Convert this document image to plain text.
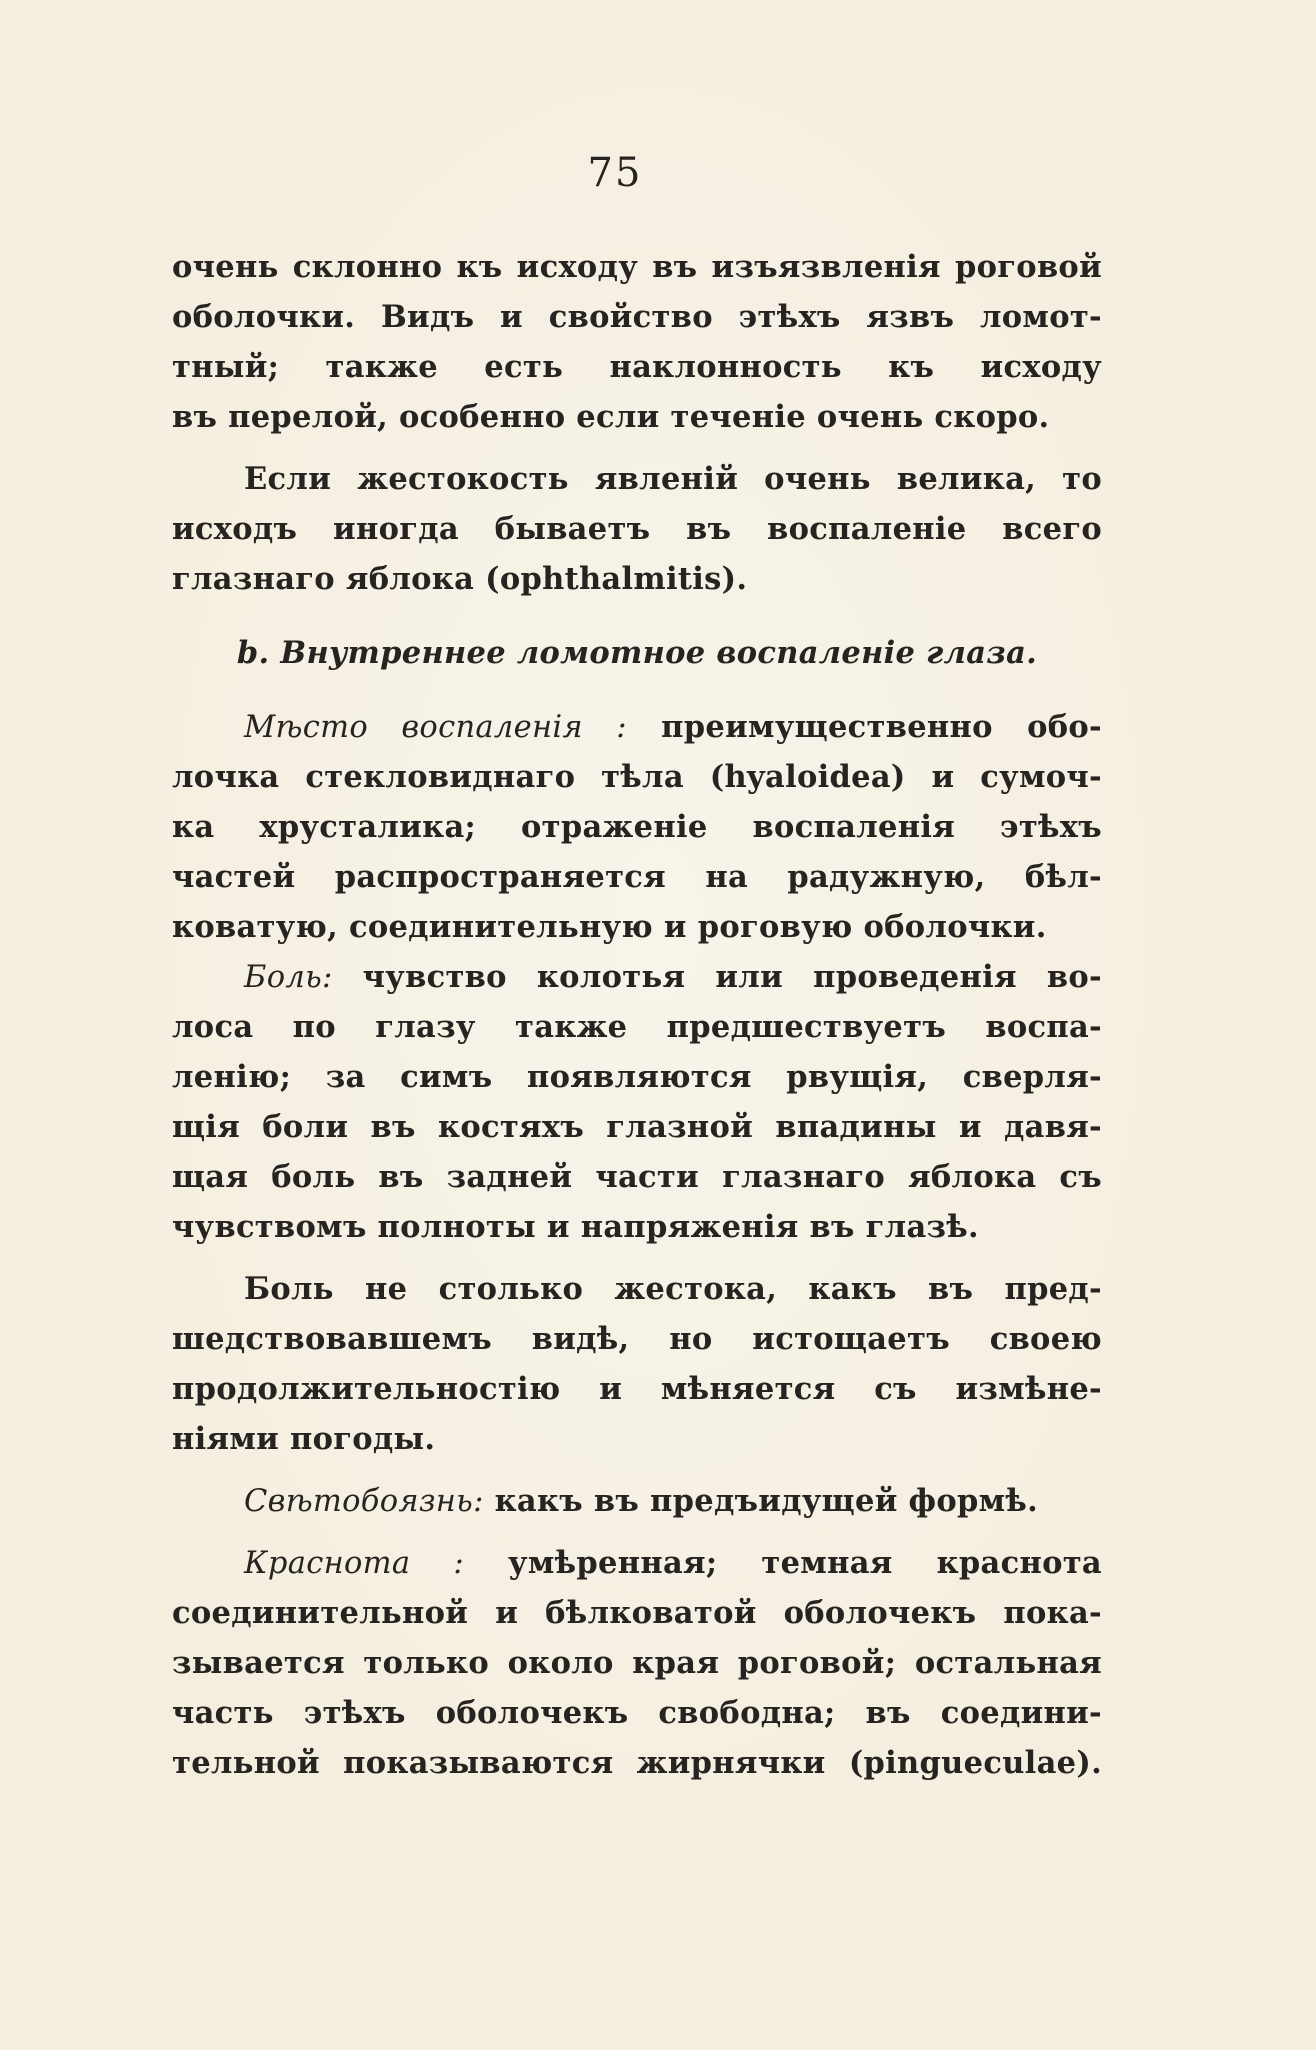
75
очень склонно къ исходу въ изъязвленія роговой
оболочки. Видъ и свойство этѣхъ язвъ ломот-
тный; также есть наклонность къ исходу
въ перелой, особенно если теченіе очень скоро.
Если жестокость явленій очень велика, то
исходъ иногда бываетъ въ воспаленіе всего
глазнаго яблока (ophthalmitis).
b. Внутреннее ломотное воспаленіе глаза.
Мѣсто воспаленія : преимущественно обо-
лочка стекловиднаго тѣла (hyaloidea) и сумоч-
ка хрусталика; отраженіе воспаленія этѣхъ
частей распространяется на радужную, бѣл-
коватую, соединительную и роговую оболочки.
Боль: чувство колотья или проведенія во-
лоса по глазу также предшествуетъ воспа-
ленію; за симъ появляются рвущія, сверля-
щія боли въ костяхъ глазной впадины и давя-
щая боль въ задней части глазнаго яблока съ
чувствомъ полноты и напряженія въ глазѣ.
Боль не столько жестока, какъ въ пред-
шедствовавшемъ видѣ, но истощаетъ своею
продолжительностію и мѣняется съ измѣне-
ніями погоды.
Свѣтобоязнь: какъ въ предъидущей формѣ.
Краснота : умѣренная; темная краснота
соединительной и бѣлковатой оболочекъ пока-
зывается только около края роговой; остальная
часть этѣхъ оболочекъ свободна; въ соедини-
тельной показываются жирнячки (pinguеculae).
